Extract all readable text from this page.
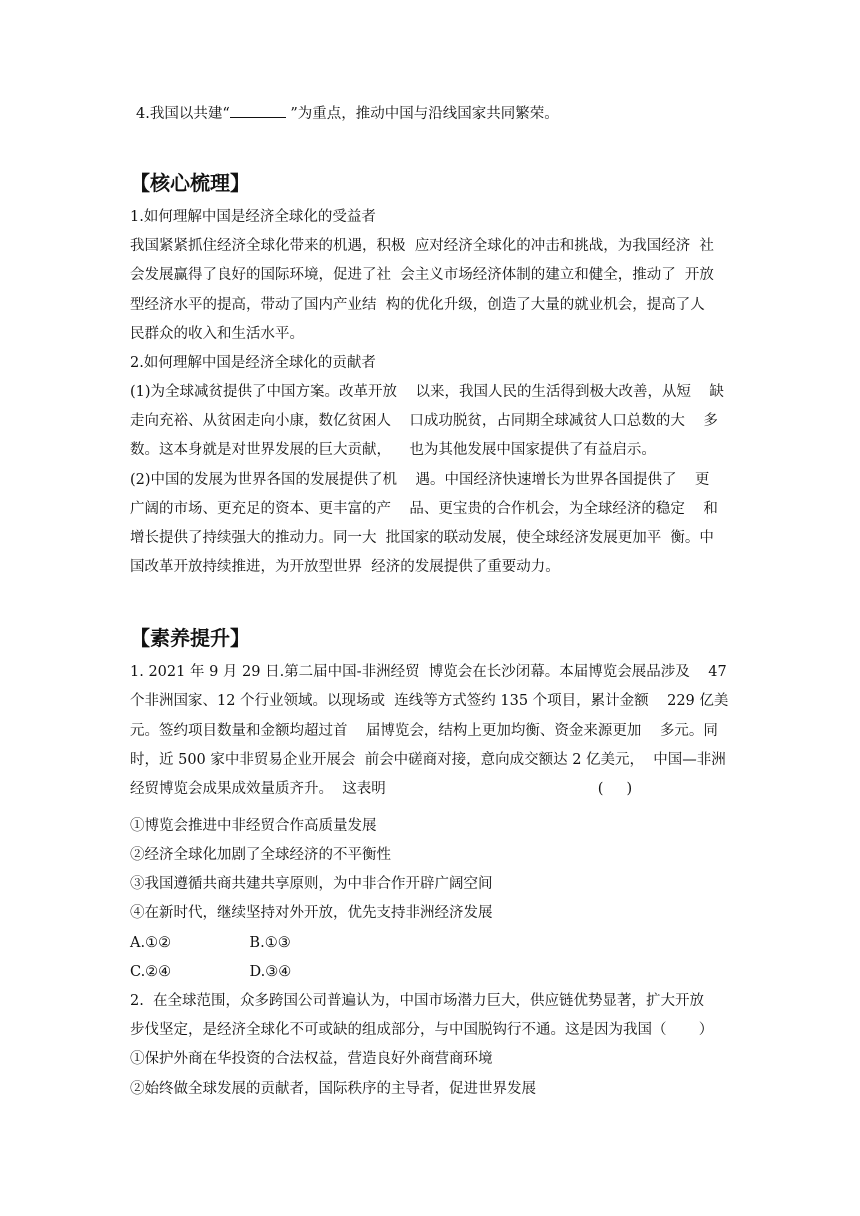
4.我国以共建“	”为重点，推动中国与沿线国家共同繁荣。
【核心梳理】
1.如何理解中国是经济全球化的受益者
我国紧紧抓住经济全球化带来的机遇，积极  应对经济全球化的冲击和挑战，为我国经济  社
会发展赢得了良好的国际环境，促进了社  会主义市场经济体制的建立和健全，推动了  开放
型经济水平的提高，带动了国内产业结  构的优化升级，创造了大量的就业机会，提高了人
民群众的收入和生活水平。
2.如何理解中国是经济全球化的贡献者
(1)为全球减贫提供了中国方案。改革开放    以来，我国人民的生活得到极大改善，从短    缺
走向充裕、从贫困走向小康，数亿贫困人    口成功脱贫，占同期全球减贫人口总数的大    多
数。这本身就是对世界发展的巨大贡献，    也为其他发展中国家提供了有益启示。
(2)中国的发展为世界各国的发展提供了机    遇。中国经济快速增长为世界各国提供了    更
广阔的市场、更充足的资本、更丰富的产    品、更宝贵的合作机会，为全球经济的稳定    和
增长提供了持续强大的推动力。同一大  批国家的联动发展，使全球经济发展更加平  衡。中
国改革开放持续推进，为开放型世界  经济的发展提供了重要动力。
【素养提升】
1. 2021 年 9 月 29 日.第二届中国-非洲经贸  博览会在长沙闭幕。本届博览会展品涉及    47
个非洲国家、12 个行业领域。以现场或  连线等方式签约 135 个项目，累计金额    229 亿美
元。签约项目数量和金额均超过首    届博览会，结构上更加均衡、资金来源更加    多元。同
时，近 500 家中非贸易企业开展会  前会中磋商对接，意向成交额达 2 亿美元，  中国—非洲
经贸博览会成果成效量质齐升。  这表明                                              (     )
①博览会推进中非经贸合作高质量发展
②经济全球化加剧了全球经济的不平衡性
③我国遵循共商共建共享原则，为中非合作开辟广阔空间
④在新时代，继续坚持对外开放，优先支持非洲经济发展
A.①②                 B.①③
C.②④                 D.③④
2.  在全球范围，众多跨国公司普遍认为，中国市场潜力巨大，供应链优势显著，扩大开放
步伐坚定，是经济全球化不可或缺的组成部分，与中国脱钩行不通。这是因为我国（       ）
①保护外商在华投资的合法权益，营造良好外商营商环境
②始终做全球发展的贡献者，国际秩序的主导者，促进世界发展
